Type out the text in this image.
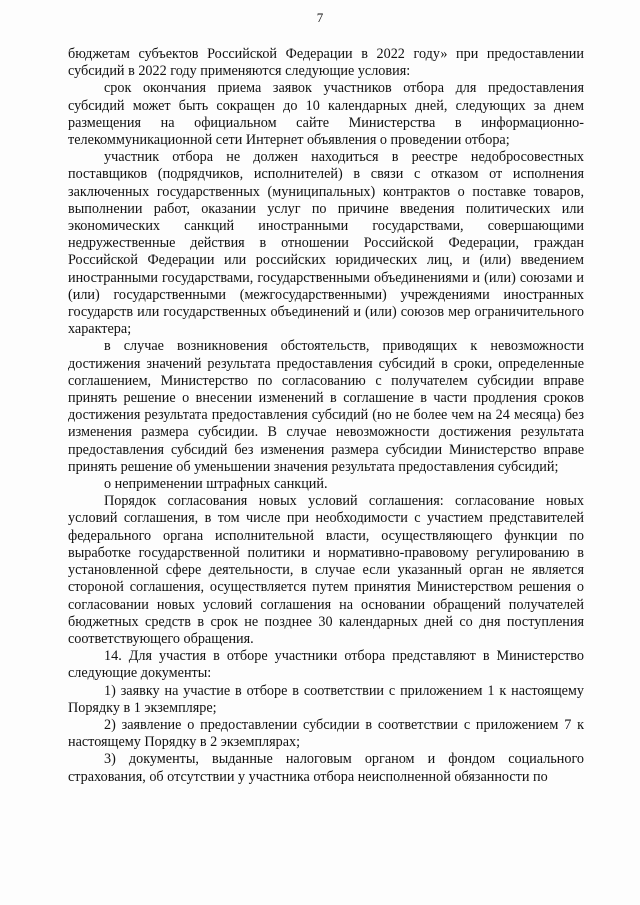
7

бюджетам субъектов Российской Федерации в 2022 году» при предоставлении субсидий в 2022 году применяются следующие условия:

срок окончания приема заявок участников отбора для предоставления субсидий может быть сокращен до 10 календарных дней, следующих за днем размещения на официальном сайте Министерства в информационно-телекоммуникационной сети Интернет объявления о проведении отбора;

участник отбора не должен находиться в реестре недобросовестных поставщиков (подрядчиков, исполнителей) в связи с отказом от исполнения заключенных государственных (муниципальных) контрактов о поставке товаров, выполнении работ, оказании услуг по причине введения политических или экономических санкций иностранными государствами, совершающими недружественные действия в отношении Российской Федерации, граждан Российской Федерации или российских юридических лиц, и (или) введением иностранными государствами, государственными объединениями и (или) союзами и (или) государственными (межгосударственными) учреждениями иностранных государств или государственных объединений и (или) союзов мер ограничительного характера;

в случае возникновения обстоятельств, приводящих к невозможности достижения значений результата предоставления субсидий в сроки, определенные соглашением, Министерство по согласованию с получателем субсидии вправе принять решение о внесении изменений в соглашение в части продления сроков достижения результата предоставления субсидий (но не более чем на 24 месяца) без изменения размера субсидии. В случае невозможности достижения результата предоставления субсидий без изменения размера субсидии Министерство вправе принять решение об уменьшении значения результата предоставления субсидий;

о неприменении штрафных санкций.

Порядок согласования новых условий соглашения: согласование новых условий соглашения, в том числе при необходимости с участием представителей федерального органа исполнительной власти, осуществляющего функции по выработке государственной политики и нормативно-правовому регулированию в установленной сфере деятельности, в случае если указанный орган не является стороной соглашения, осуществляется путем принятия Министерством решения о согласовании новых условий соглашения на основании обращений получателей бюджетных средств в срок не позднее 30 календарных дней со дня поступления соответствующего обращения.

14. Для участия в отборе участники отбора представляют в Министерство следующие документы:

1) заявку на участие в отборе в соответствии с приложением 1 к настоящему Порядку в 1 экземпляре;

2) заявление о предоставлении субсидии в соответствии с приложением 7 к настоящему Порядку в 2 экземплярах;

3) документы, выданные налоговым органом и фондом социального страхования, об отсутствии у участника отбора неисполненной обязанности по
